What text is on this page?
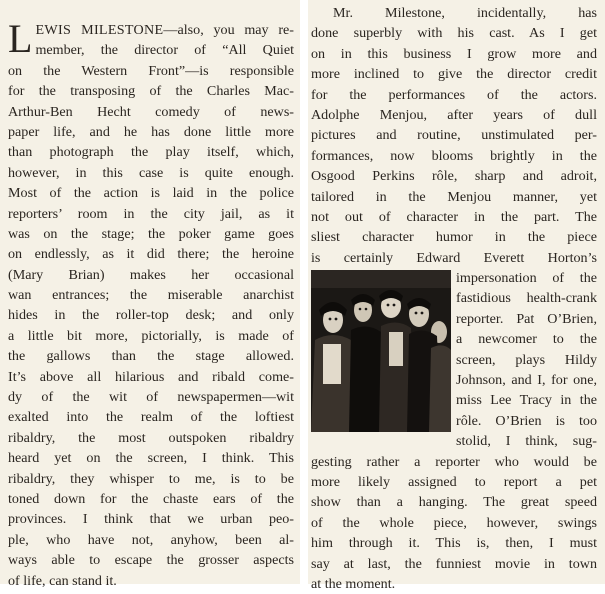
L EWIS MILESTONE—also, you may re-
member, the director of “All Quiet
on the Western Front”—is responsible
for the transposing of the Charles Mac-
Arthur-Ben Hecht comedy of news-
paper life, and he has done little more
than photograph the play itself, which,
however, in this case is quite enough.
Most of the action is laid in the police
reporters’ room in the city jail, as it
was on the stage; the poker game goes
on endlessly, as it did there; the heroine
(Mary Brian) makes her occasional
wan entrances; the miserable anarchist
hides in the roller-top desk; and only
a little bit more, pictorially, is made of
the gallows than the stage allowed.
It’s above all hilarious and ribald come-
dy of the wit of newspapermen—wit
exalted into the realm of the loftiest
ribaldry, the most outspoken ribaldry
heard yet on the screen, I think. This
ribaldry, they whisper to me, is to be
toned down for the chaste ears of the
provinces. I think that we urban peo-
ple, who have not, anyhow, been al-
ways able to escape the grosser aspects
of life, can stand it.
Mr. Milestone, incidentally, has
done superbly with his cast. As I get
on in this business I grow more and
more inclined to give the director credit
for the performances of the actors.
Adolphe Menjou, after years of dull
pictures and routine, unstimulated per-
formances, now blooms brightly in the
Osgood Perkins rôle, sharp and adroit,
tailored in the Menjou manner, yet
not out of character in the part. The
sliest character humor in the piece
is certainly Edward Everett Horton’s
impersonation of the
fastidious health-crank
reporter. Pat O’Brien,
a newcomer to the
screen, plays Hildy
Johnson, and I, for one,
miss Lee Tracy in the
rôle. O’Brien is too
stolid, I think, sug-
gesting rather a reporter who would be
more likely assigned to report a pet
show than a hanging. The great speed
of the whole piece, however, swings
him through it. This is, then, I must
say at last, the funniest movie in town
at the moment.
